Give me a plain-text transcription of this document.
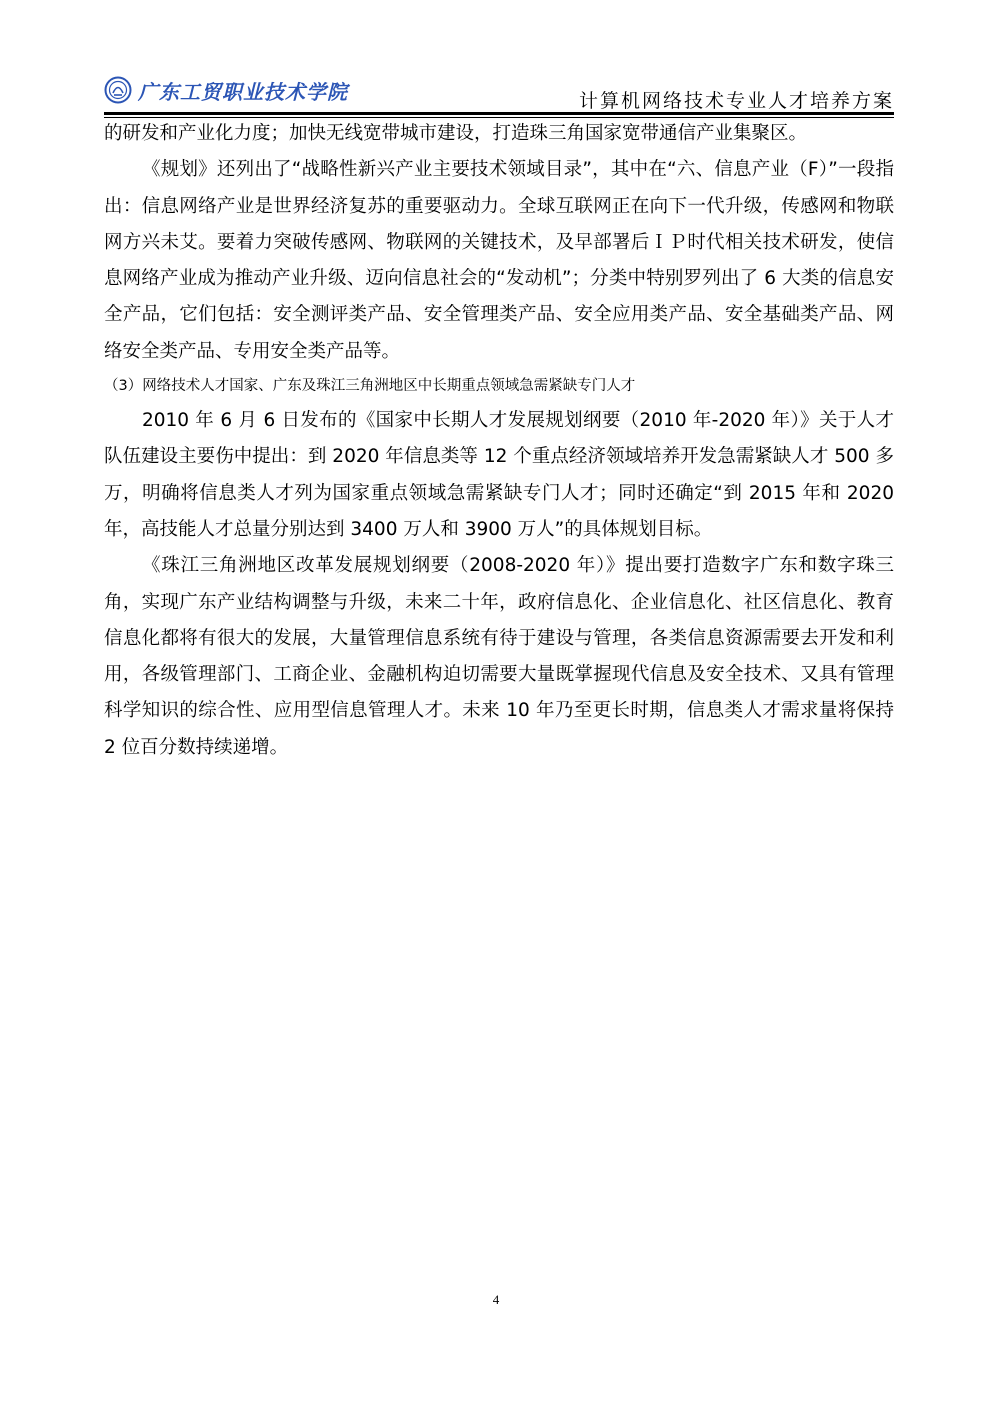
广东工贸职业技术学院	计算机网络技术专业人才培养方案

的研发和产业化力度；加快无线宽带城市建设，打造珠三角国家宽带通信产业集聚区。

《规划》还列出了“战略性新兴产业主要技术领域目录”，其中在“六、信息产业（F）”一段指出：信息网络产业是世界经济复苏的重要驱动力。全球互联网正在向下一代升级，传感网和物联网方兴未艾。要着力突破传感网、物联网的关键技术，及早部署后ＩＰ时代相关技术研发，使信息网络产业成为推动产业升级、迈向信息社会的“发动机”；分类中特别罗列出了 6 大类的信息安全产品，它们包括：安全测评类产品、安全管理类产品、安全应用类产品、安全基础类产品、网络安全类产品、专用安全类产品等。

（3）网络技术人才国家、广东及珠江三角洲地区中长期重点领域急需紧缺专门人才

2010 年 6 月 6 日发布的《国家中长期人才发展规划纲要（2010 年-2020 年）》关于人才队伍建设主要伤中提出：到 2020 年信息类等 12 个重点经济领域培养开发急需紧缺人才 500 多万，明确将信息类人才列为国家重点领域急需紧缺专门人才；同时还确定“到 2015 年和 2020 年，高技能人才总量分别达到 3400 万人和 3900 万人”的具体规划目标。

《珠江三角洲地区改革发展规划纲要（2008-2020 年）》提出要打造数字广东和数字珠三角，实现广东产业结构调整与升级，未来二十年，政府信息化、企业信息化、社区信息化、教育信息化都将有很大的发展，大量管理信息系统有待于建设与管理，各类信息资源需要去开发和利用，各级管理部门、工商企业、金融机构迫切需要大量既掌握现代信息及安全技术、又具有管理科学知识的综合性、应用型信息管理人才。未来 10 年乃至更长时期，信息类人才需求量将保持 2 位百分数持续递增。

4
